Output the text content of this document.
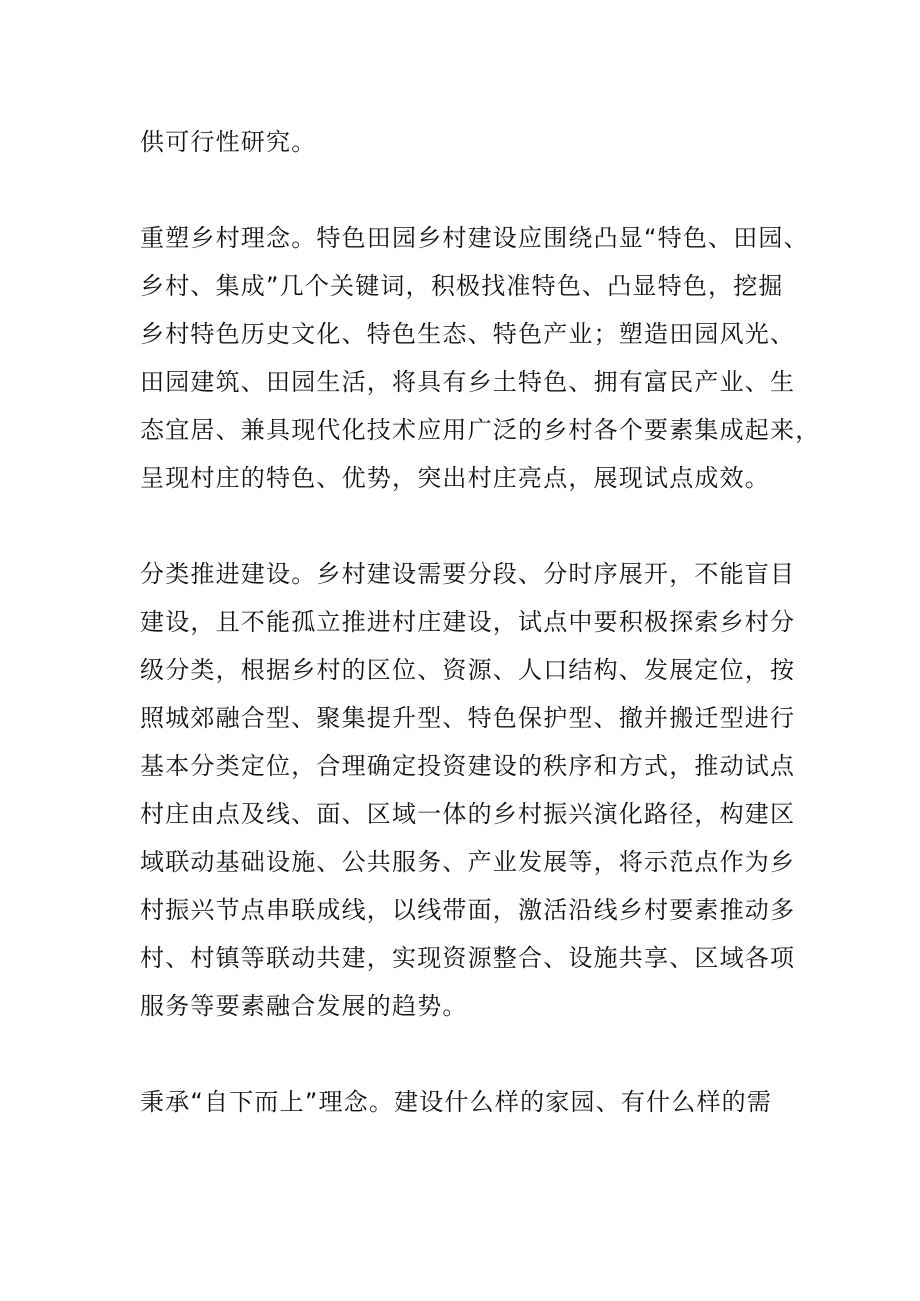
供可行性研究。
重塑乡村理念。特色田园乡村建设应围绕凸显“特色、田园、
乡村、集成”几个关键词，积极找准特色、凸显特色，挖掘
乡村特色历史文化、特色生态、特色产业；塑造田园风光、
田园建筑、田园生活，将具有乡土特色、拥有富民产业、生
态宜居、兼具现代化技术应用广泛的乡村各个要素集成起来，
呈现村庄的特色、优势，突出村庄亮点，展现试点成效。
分类推进建设。乡村建设需要分段、分时序展开，不能盲目
建设，且不能孤立推进村庄建设，试点中要积极探索乡村分
级分类，根据乡村的区位、资源、人口结构、发展定位，按
照城郊融合型、聚集提升型、特色保护型、撤并搬迁型进行
基本分类定位，合理确定投资建设的秩序和方式，推动试点
村庄由点及线、面、区域一体的乡村振兴演化路径，构建区
域联动基础设施、公共服务、产业发展等，将示范点作为乡
村振兴节点串联成线，以线带面，激活沿线乡村要素推动多
村、村镇等联动共建，实现资源整合、设施共享、区域各项
服务等要素融合发展的趋势。
秉承“自下而上”理念。建设什么样的家园、有什么样的需
